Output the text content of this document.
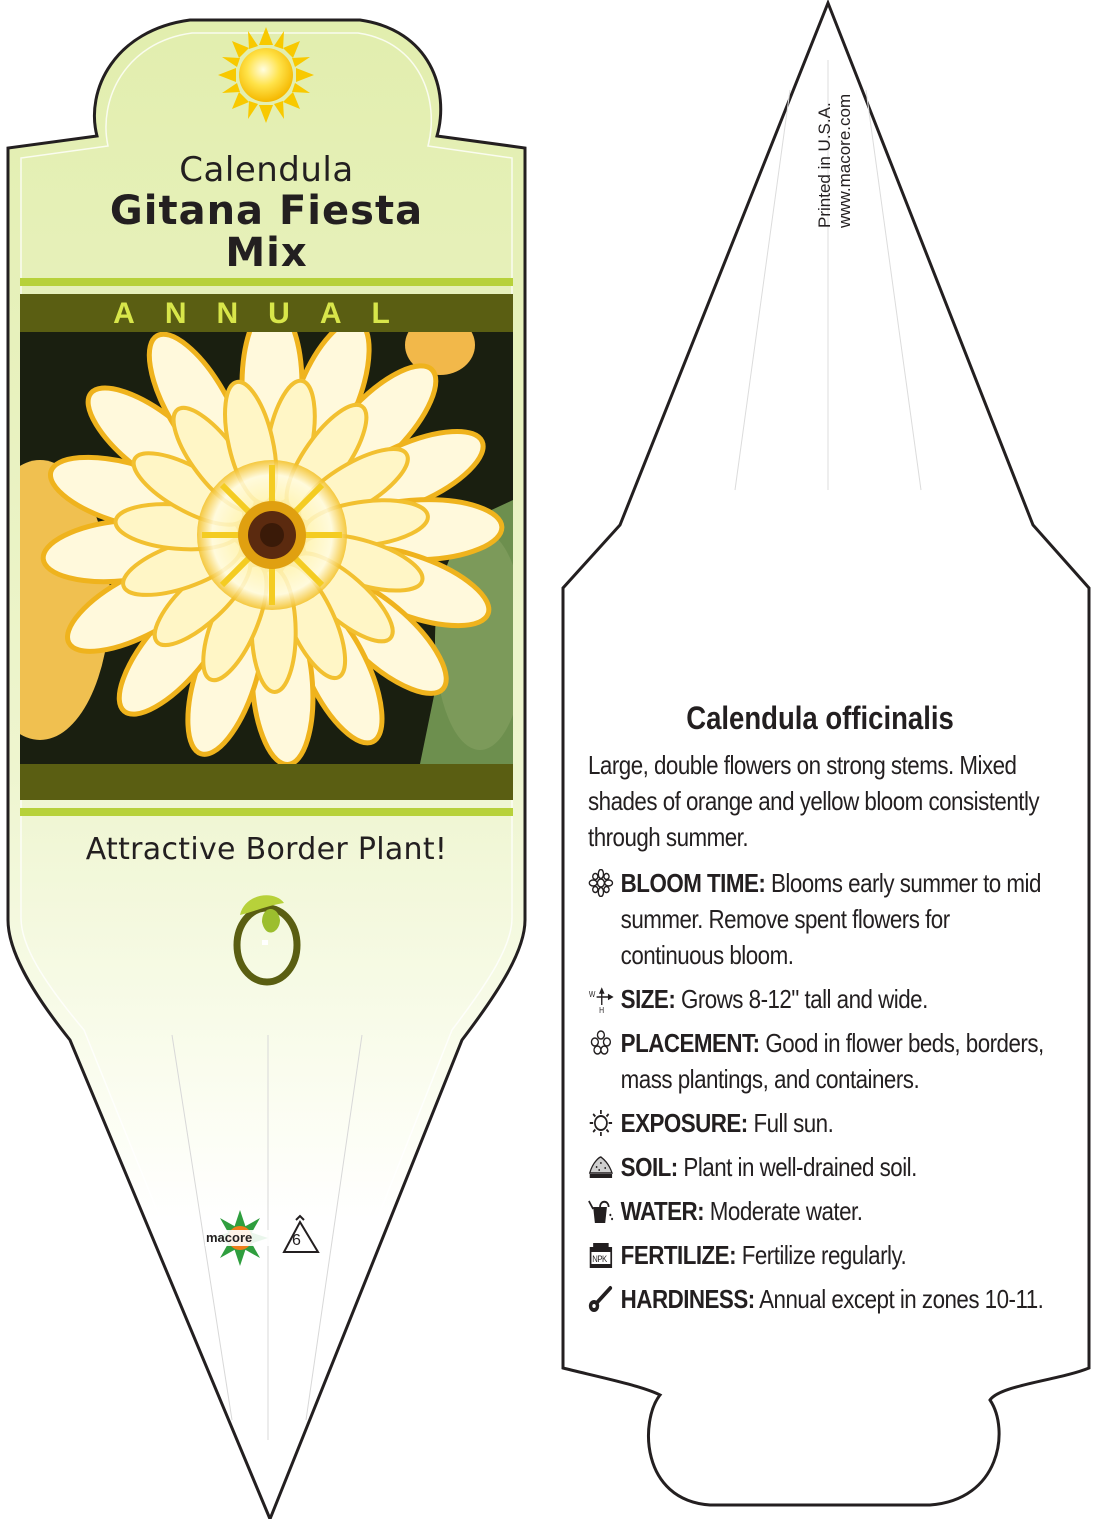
Calendula
Gitana Fiesta
Mix
ANNUAL
Attractive Border Plant!
macore 6
Printed in U.S.A. www.macore.com
Calendula officinalis
Large, double flowers on strong stems. Mixed shades of orange and yellow bloom consistently through summer.
BLOOM TIME: Blooms early summer to mid summer. Remove spent flowers for continuous bloom.
W
H SIZE: Grows 8-12" tall and wide.
PLACEMENT: Good in flower beds, borders, mass plantings, and containers.
EXPOSURE: Full sun.
SOIL: Plant in well-drained soil.
WATER: Moderate water.
NPK FERTILIZE: Fertilize regularly.
HARDINESS: Annual except in zones 10-11.
